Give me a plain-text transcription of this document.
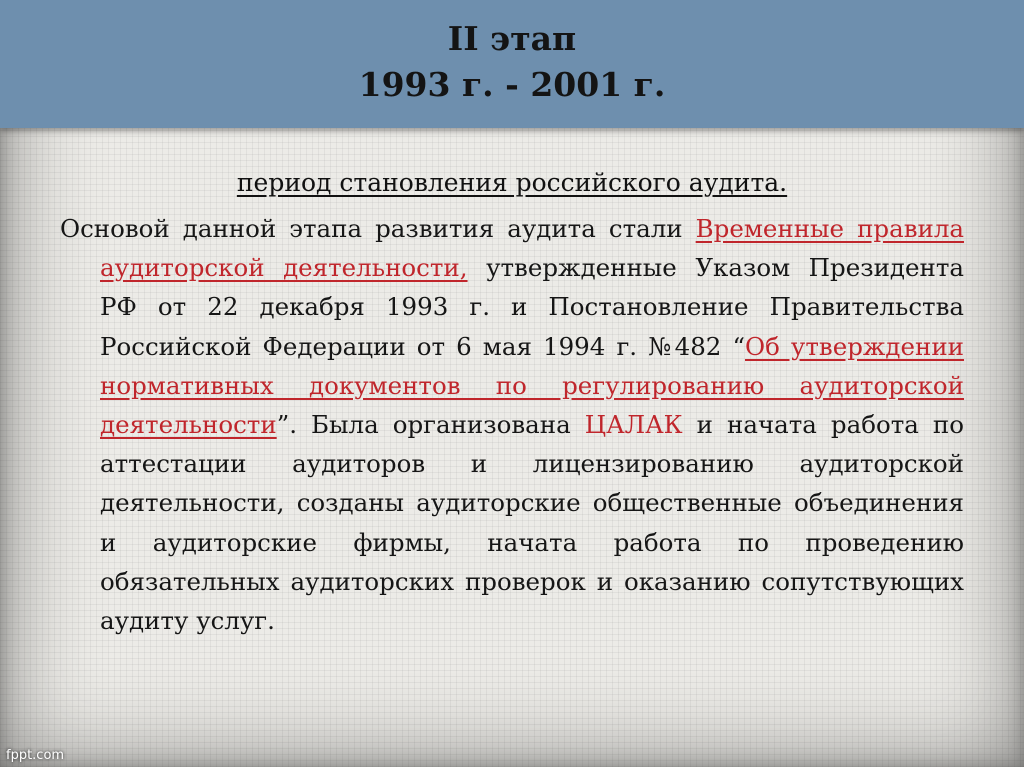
II этап
1993 г. - 2001 г.
период становления российского аудита.
Основой данной этапа развития аудита стали Временные правила аудиторской деятельности, утвержденные Указом Президента РФ от 22 декабря 1993 г. и Постановление Правительства Российской Федерации от 6 мая 1994 г. №482 “Об утверждении нормативных документов по регулированию аудиторской деятельности”. Была организована ЦАЛАК и начата работа по аттестации аудиторов и лицензированию аудиторской деятельности, созданы аудиторские общественные объединения и аудиторские фирмы, начата работа по проведению обязательных аудиторских проверок и оказанию сопутствующих аудиту услуг.
fppt.com
